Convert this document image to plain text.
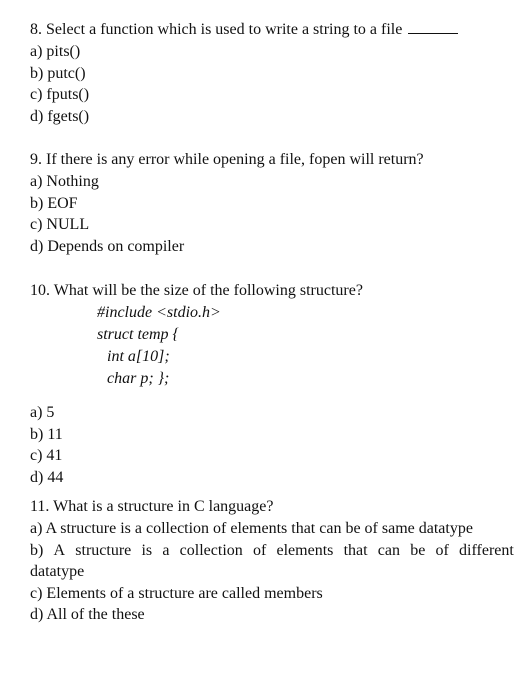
8. Select a function which is used to write a string to a file
a) pits()
b) putc()
c) fputs()
d) fgets()
9. If there is any error while opening a file, fopen will return?
a) Nothing
b) EOF
c) NULL
d) Depends on compiler
10. What will be the size of the following structure?
#include <stdio.h>
struct temp {
int a[10];
char p; };
a) 5
b) 11
c) 41
d) 44
11. What is a structure in C language?
a) A structure is a collection of elements that can be of same datatype
b) A structure is a collection of elements that can be of different
datatype
c) Elements of a structure are called members
d) All of the these
